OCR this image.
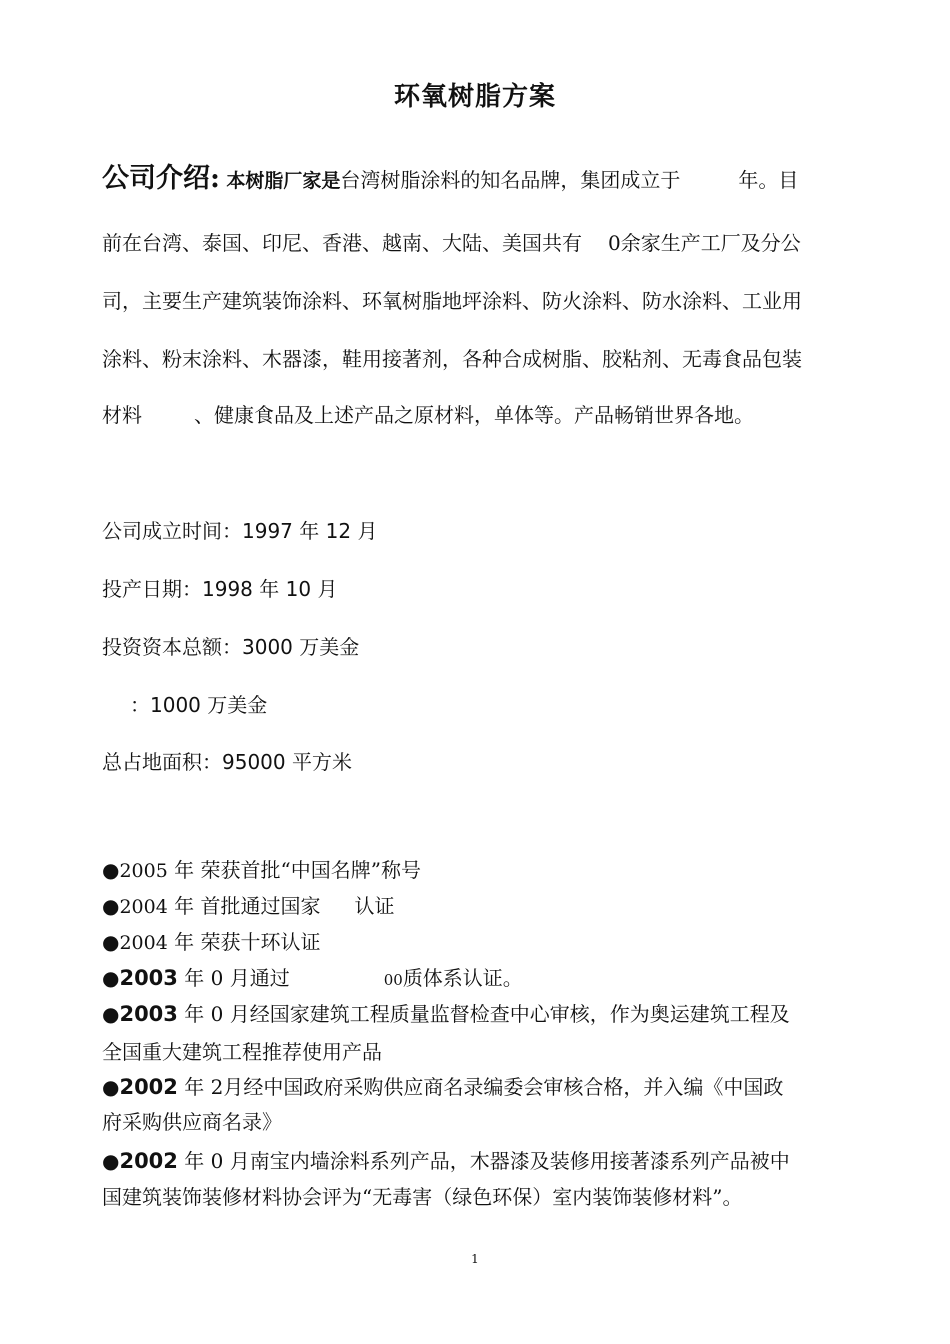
环氧树脂方案
公司介绍: 本树脂厂家是台湾树脂涂料的知名品牌，集团成立于	年。目
前在台湾、泰国、印尼、香港、越南、大陆、美国共有 0余家生产工厂及分公
司，主要生产建筑装饰涂料、环氧树脂地坪涂料、防火涂料、防水涂料、工业用
涂料、粉末涂料、木器漆，鞋用接著剂，各种合成树脂、胶粘剂、无毒食品包装
材料	、健康食品及上述产品之原材料，单体等。产品畅销世界各地。
公司成立时间：1997 年 12 月
投产日期：1998 年 10 月
投资资本总额：3000 万美金
：1000 万美金
总占地面积：95000 平方米
●2005 年 荣获首批“中国名牌”称号
●2004 年 首批通过国家 认证
●2004 年 荣获十环认证
●2003 年 0 月通过	00质体系认证。
●2003 年 0 月经国家建筑工程质量监督检查中心审核，作为奥运建筑工程及
全国重大建筑工程推荐使用产品
●2002 年 2月经中国政府采购供应商名录编委会审核合格，并入编《中国政
府采购供应商名录》
●2002 年 0 月南宝内墙涂料系列产品，木器漆及装修用接著漆系列产品被中
国建筑装饰装修材料协会评为“无毒害（绿色环保）室内装饰装修材料”。
1
